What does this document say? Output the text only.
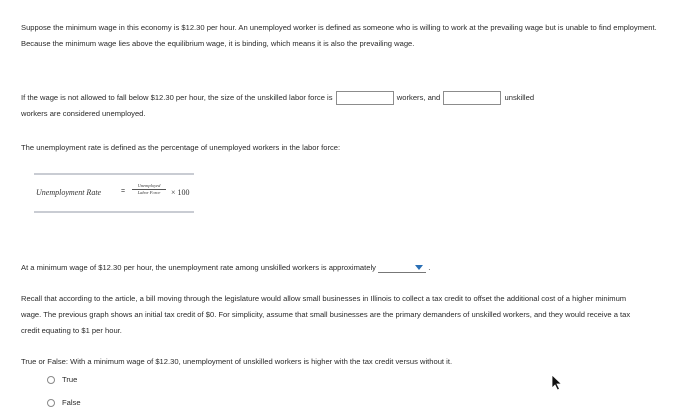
Suppose the minimum wage in this economy is $12.30 per hour. An unemployed worker is defined as someone who is willing to work at the prevailing wage but is unable to find employment. Because the minimum wage lies above the equilibrium wage, it is binding, which means it is also the prevailing wage.
If the wage is not allowed to fall below $12.30 per hour, the size of the unskilled labor force is	workers, and	unskilled
workers are considered unemployed.
The unemployment rate is defined as the percentage of unemployed workers in the labor force:
Unemployment Rate	=
Unemployed
Labor Force	× 100
At a minimum wage of $12.30 per hour, the unemployment rate among unskilled workers is approximately	.
Recall that according to the article, a bill moving through the legislature would allow small businesses in Illinois to collect a tax credit to offset the additional cost of a higher minimum wage. The previous graph shows an initial tax credit of $0. For simplicity, assume that small businesses are the primary demanders of unskilled workers, and they would receive a tax credit equating to $1 per hour.
True or False: With a minimum wage of $12.30, unemployment of unskilled workers is higher with the tax credit versus without it.
True
False
